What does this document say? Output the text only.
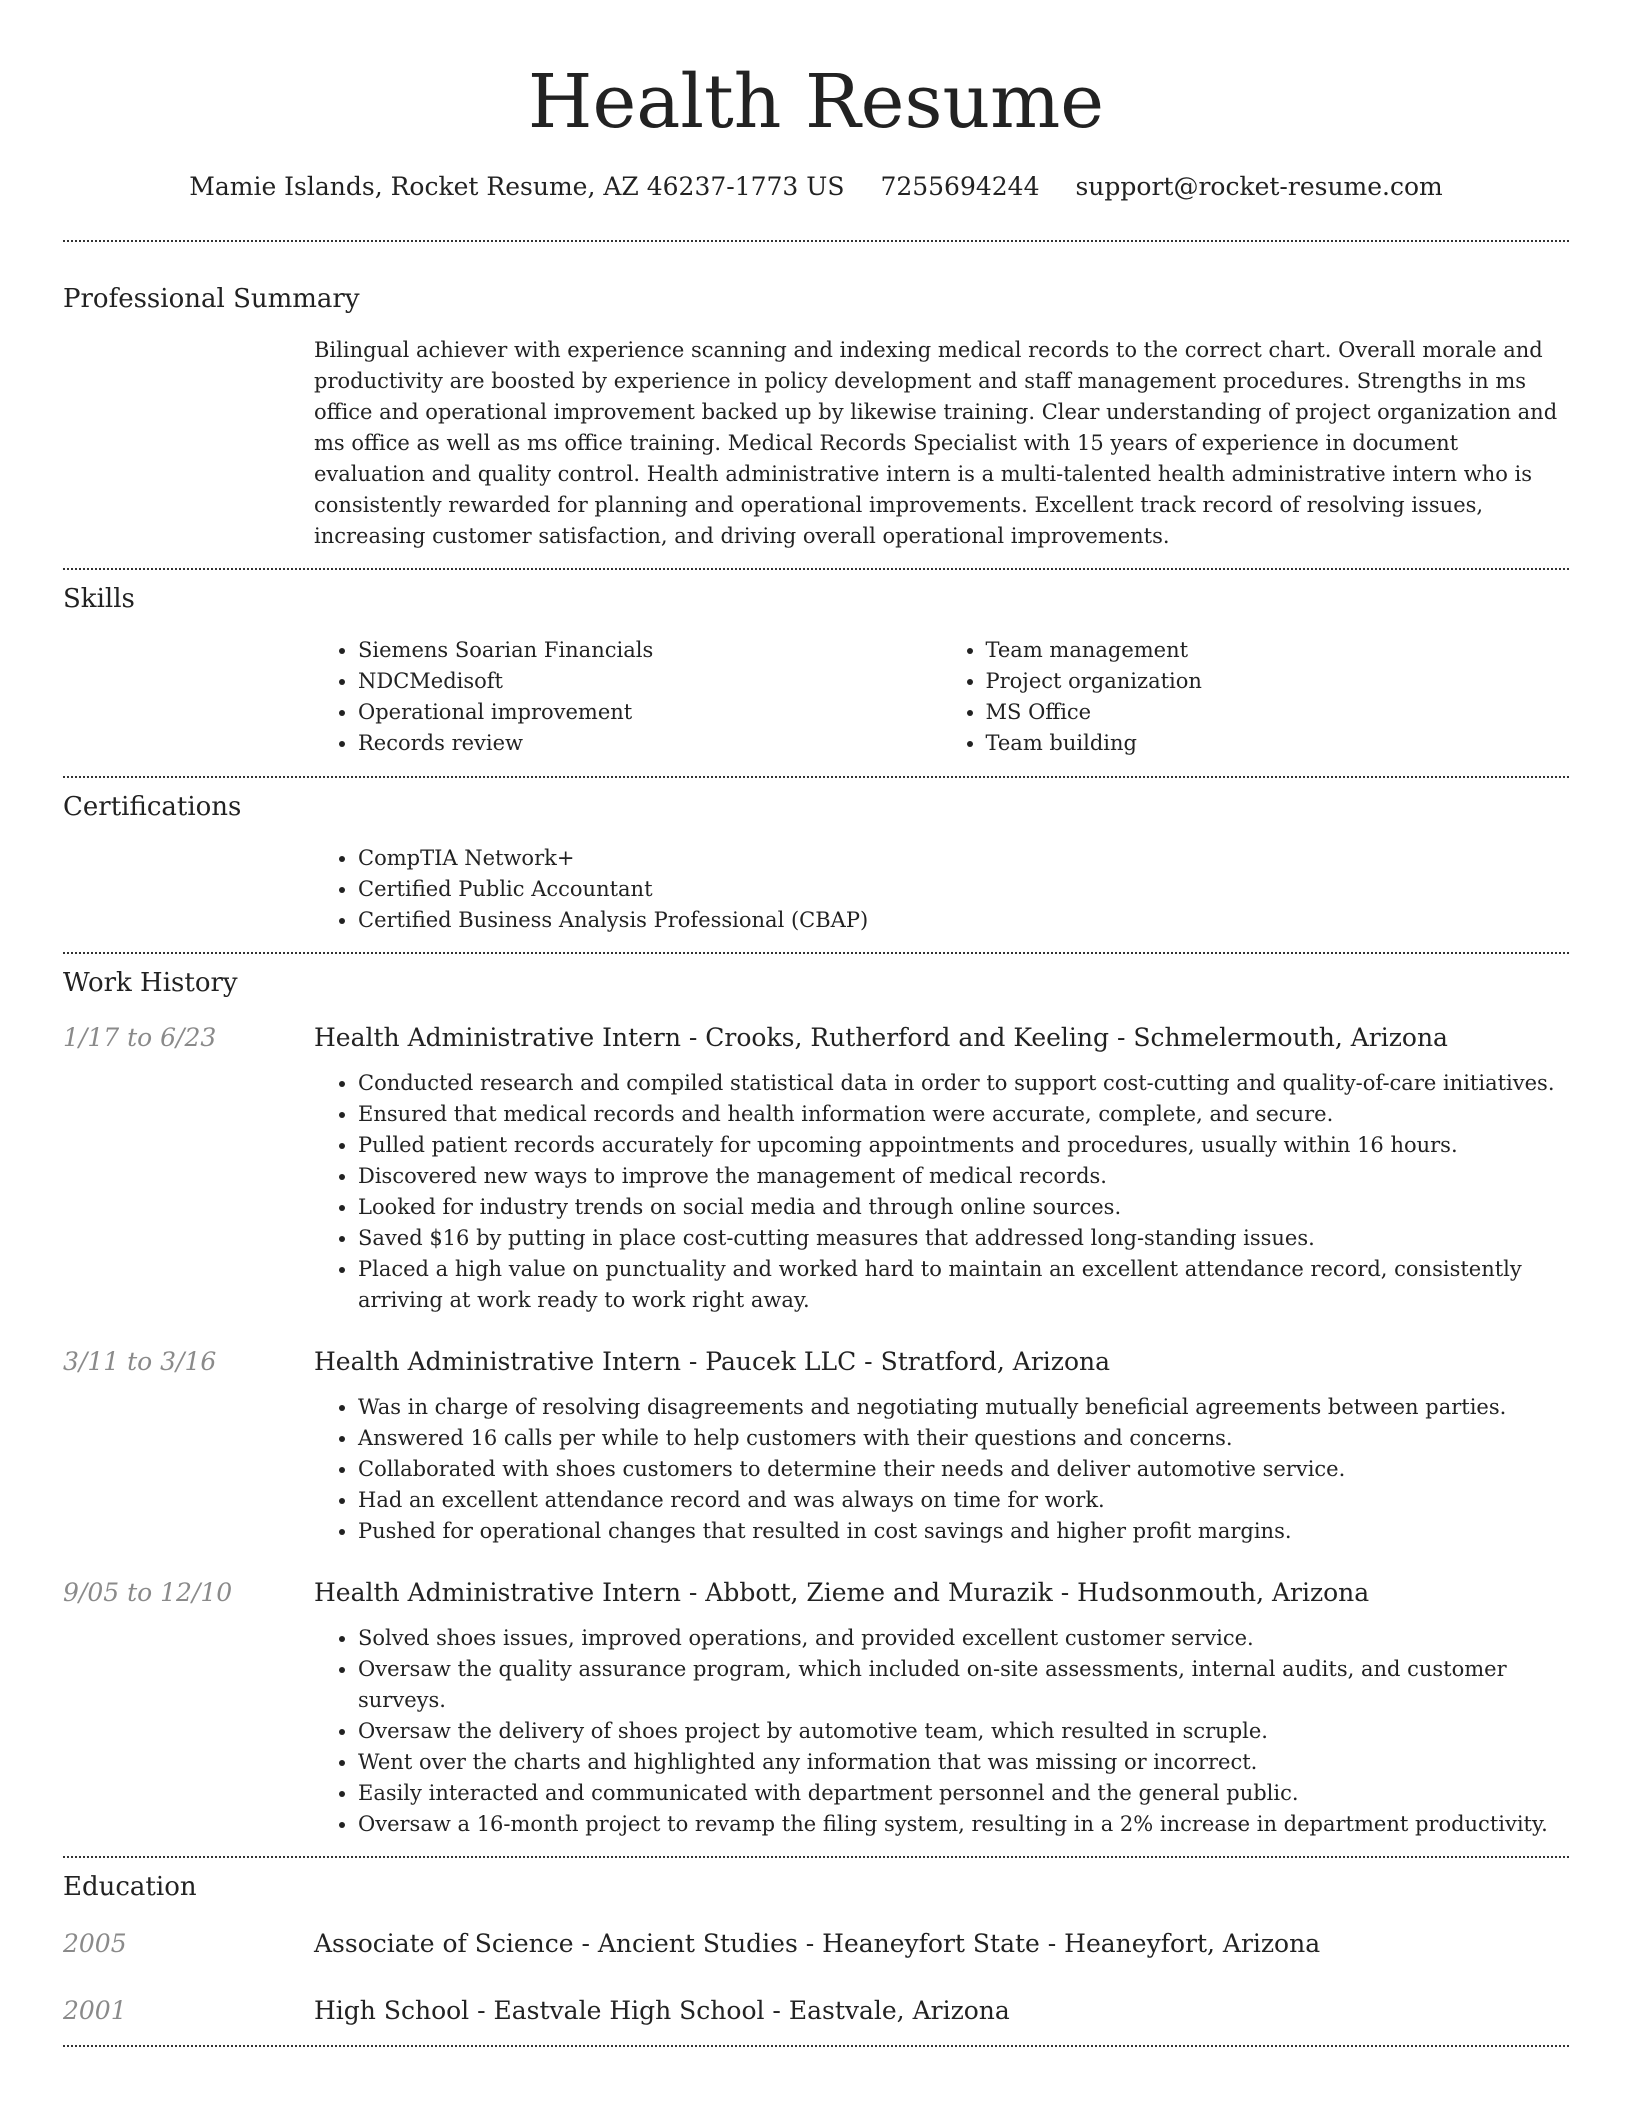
Health Resume
Mamie Islands, Rocket Resume, AZ 46237-1773 US 7255694244 support@rocket-resume.com
Professional Summary

Bilingual achiever with experience scanning and indexing medical records to the correct chart. Overall morale and productivity are boosted by experience in policy development and staff management procedures. Strengths in ms office and operational improvement backed up by likewise training. Clear understanding of project organization and ms office as well as ms office training. Medical Records Specialist with 15 years of experience in document evaluation and quality control. Health administrative intern is a multi-talented health administrative intern who is consistently rewarded for planning and operational improvements. Excellent track record of resolving issues, increasing customer satisfaction, and driving overall operational improvements.

Skills
• Siemens Soarian Financials
• NDCMedisoft
• Operational improvement
• Records review
• Team management
• Project organization
• MS Office
• Team building
Certifications
• CompTIA Network+
• Certified Public Accountant
• Certified Business Analysis Professional (CBAP)
Work History
1/17 to 6/23	Health Administrative Intern - Crooks, Rutherford and Keeling - Schmelermouth, Arizona
• Conducted research and compiled statistical data in order to support cost-cutting and quality-of-care initiatives.
• Ensured that medical records and health information were accurate, complete, and secure.
• Pulled patient records accurately for upcoming appointments and procedures, usually within 16 hours.
• Discovered new ways to improve the management of medical records.
• Looked for industry trends on social media and through online sources.
• Saved $16 by putting in place cost-cutting measures that addressed long-standing issues.
• Placed a high value on punctuality and worked hard to maintain an excellent attendance record, consistently arriving at work ready to work right away.
3/11 to 3/16	Health Administrative Intern - Paucek LLC - Stratford, Arizona
• Was in charge of resolving disagreements and negotiating mutually beneficial agreements between parties.
• Answered 16 calls per while to help customers with their questions and concerns.
• Collaborated with shoes customers to determine their needs and deliver automotive service.
• Had an excellent attendance record and was always on time for work.
• Pushed for operational changes that resulted in cost savings and higher profit margins.
9/05 to 12/10	Health Administrative Intern - Abbott, Zieme and Murazik - Hudsonmouth, Arizona
• Solved shoes issues, improved operations, and provided excellent customer service.
• Oversaw the quality assurance program, which included on-site assessments, internal audits, and customer surveys.
• Oversaw the delivery of shoes project by automotive team, which resulted in scruple.
• Went over the charts and highlighted any information that was missing or incorrect.
• Easily interacted and communicated with department personnel and the general public.
• Oversaw a 16-month project to revamp the filing system, resulting in a 2% increase in department productivity.
Education
2005	Associate of Science - Ancient Studies - Heaneyfort State - Heaneyfort, Arizona
2001	High School - Eastvale High School - Eastvale, Arizona
